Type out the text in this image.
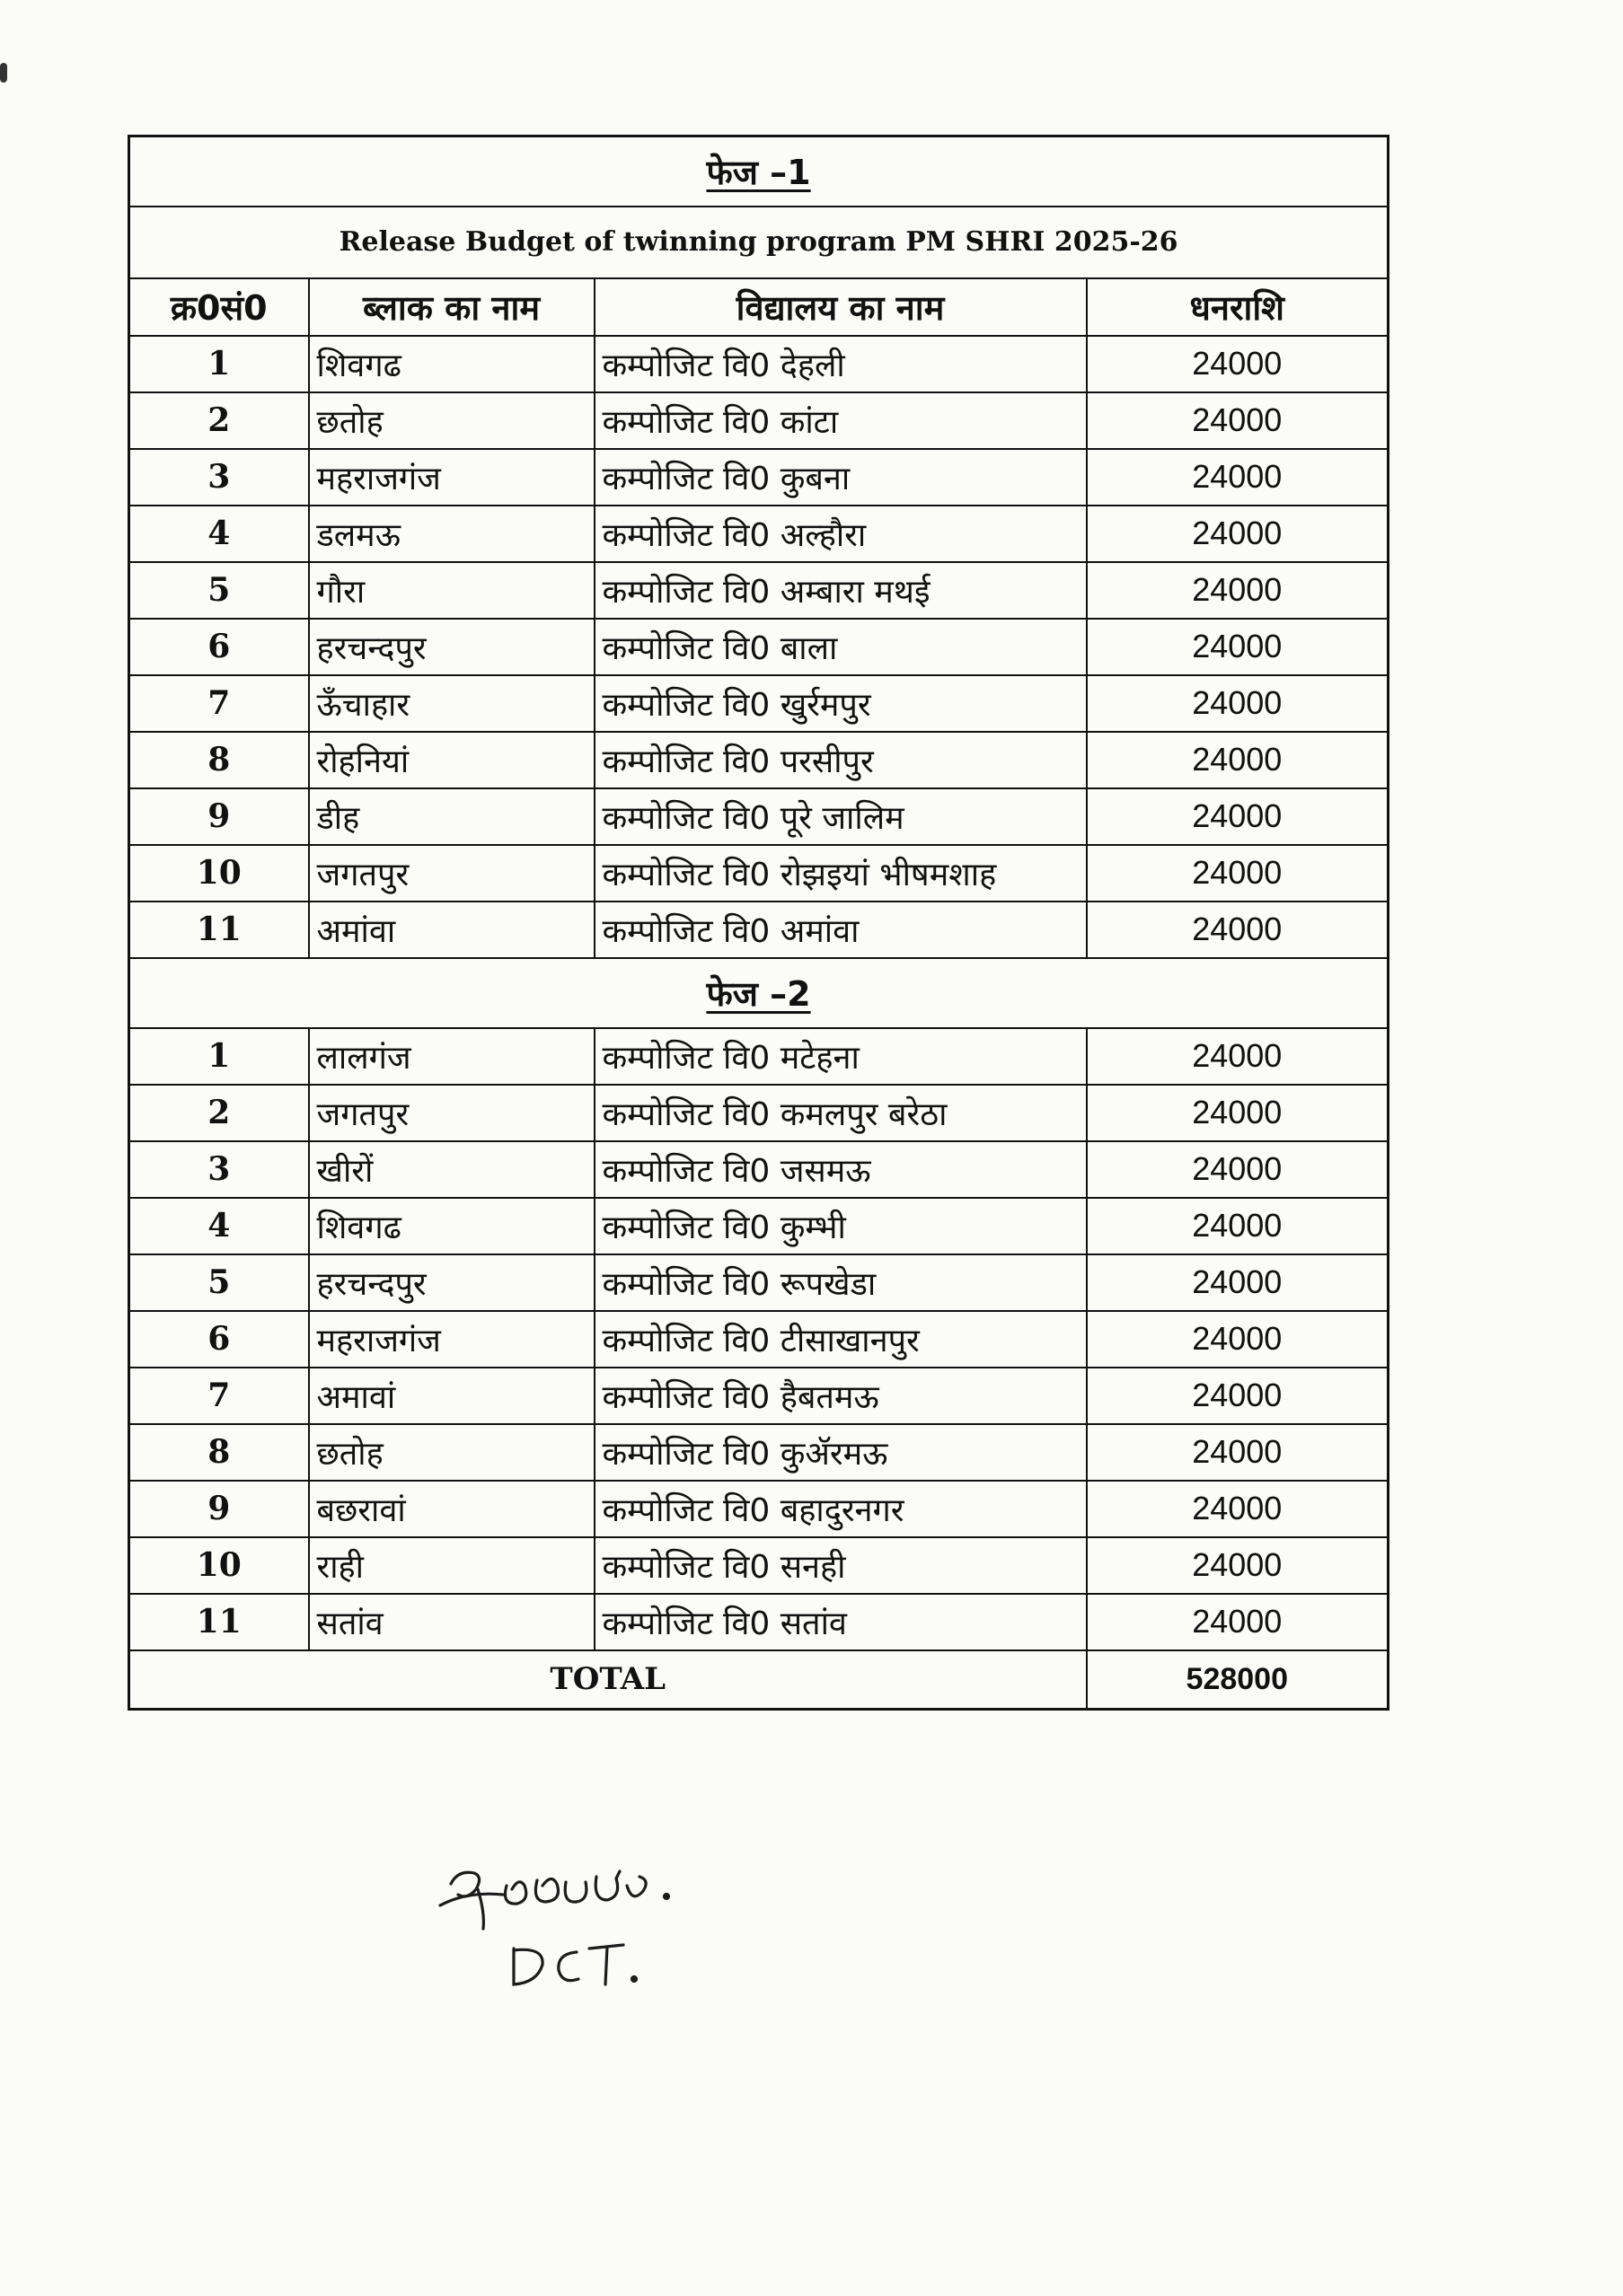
फेज –1			
Release Budget of twinning program PM SHRI 2025-26			
क्र0सं0	ब्लाक का नाम	विद्यालय का नाम	धनराशि
1	शिवगढ	कम्पोजिट वि0 देहली	24000
2	छतोह	कम्पोजिट वि0 कांटा	24000
3	महराजगंज	कम्पोजिट वि0 कुबना	24000
4	डलमऊ	कम्पोजिट वि0 अल्हौरा	24000
5	गौरा	कम्पोजिट वि0 अम्बारा मथई	24000
6	हरचन्दपुर	कम्पोजिट वि0 बाला	24000
7	ऊँचाहार	कम्पोजिट वि0 खुर्रमपुर	24000
8	रोहनियां	कम्पोजिट वि0 परसीपुर	24000
9	डीह	कम्पोजिट वि0 पूरे जालिम	24000
10	जगतपुर	कम्पोजिट वि0 रोझइयां भीषमशाह	24000
11	अमांवा	कम्पोजिट वि0 अमांवा	24000
फेज –2			
1	लालगंज	कम्पोजिट वि0 मटेहना	24000
2	जगतपुर	कम्पोजिट वि0 कमलपुर बरेठा	24000
3	खीरों	कम्पोजिट वि0 जसमऊ	24000
4	शिवगढ	कम्पोजिट वि0 कुम्भी	24000
5	हरचन्दपुर	कम्पोजिट वि0 रूपखेडा	24000
6	महराजगंज	कम्पोजिट वि0 टीसाखानपुर	24000
7	अमावां	कम्पोजिट वि0 हैबतमऊ	24000
8	छतोह	कम्पोजिट वि0 कुॲरमऊ	24000
9	बछरावां	कम्पोजिट वि0 बहादुरनगर	24000
10	राही	कम्पोजिट वि0 सनही	24000
11	सतांव	कम्पोजिट वि0 सतांव	24000
TOTAL			528000
